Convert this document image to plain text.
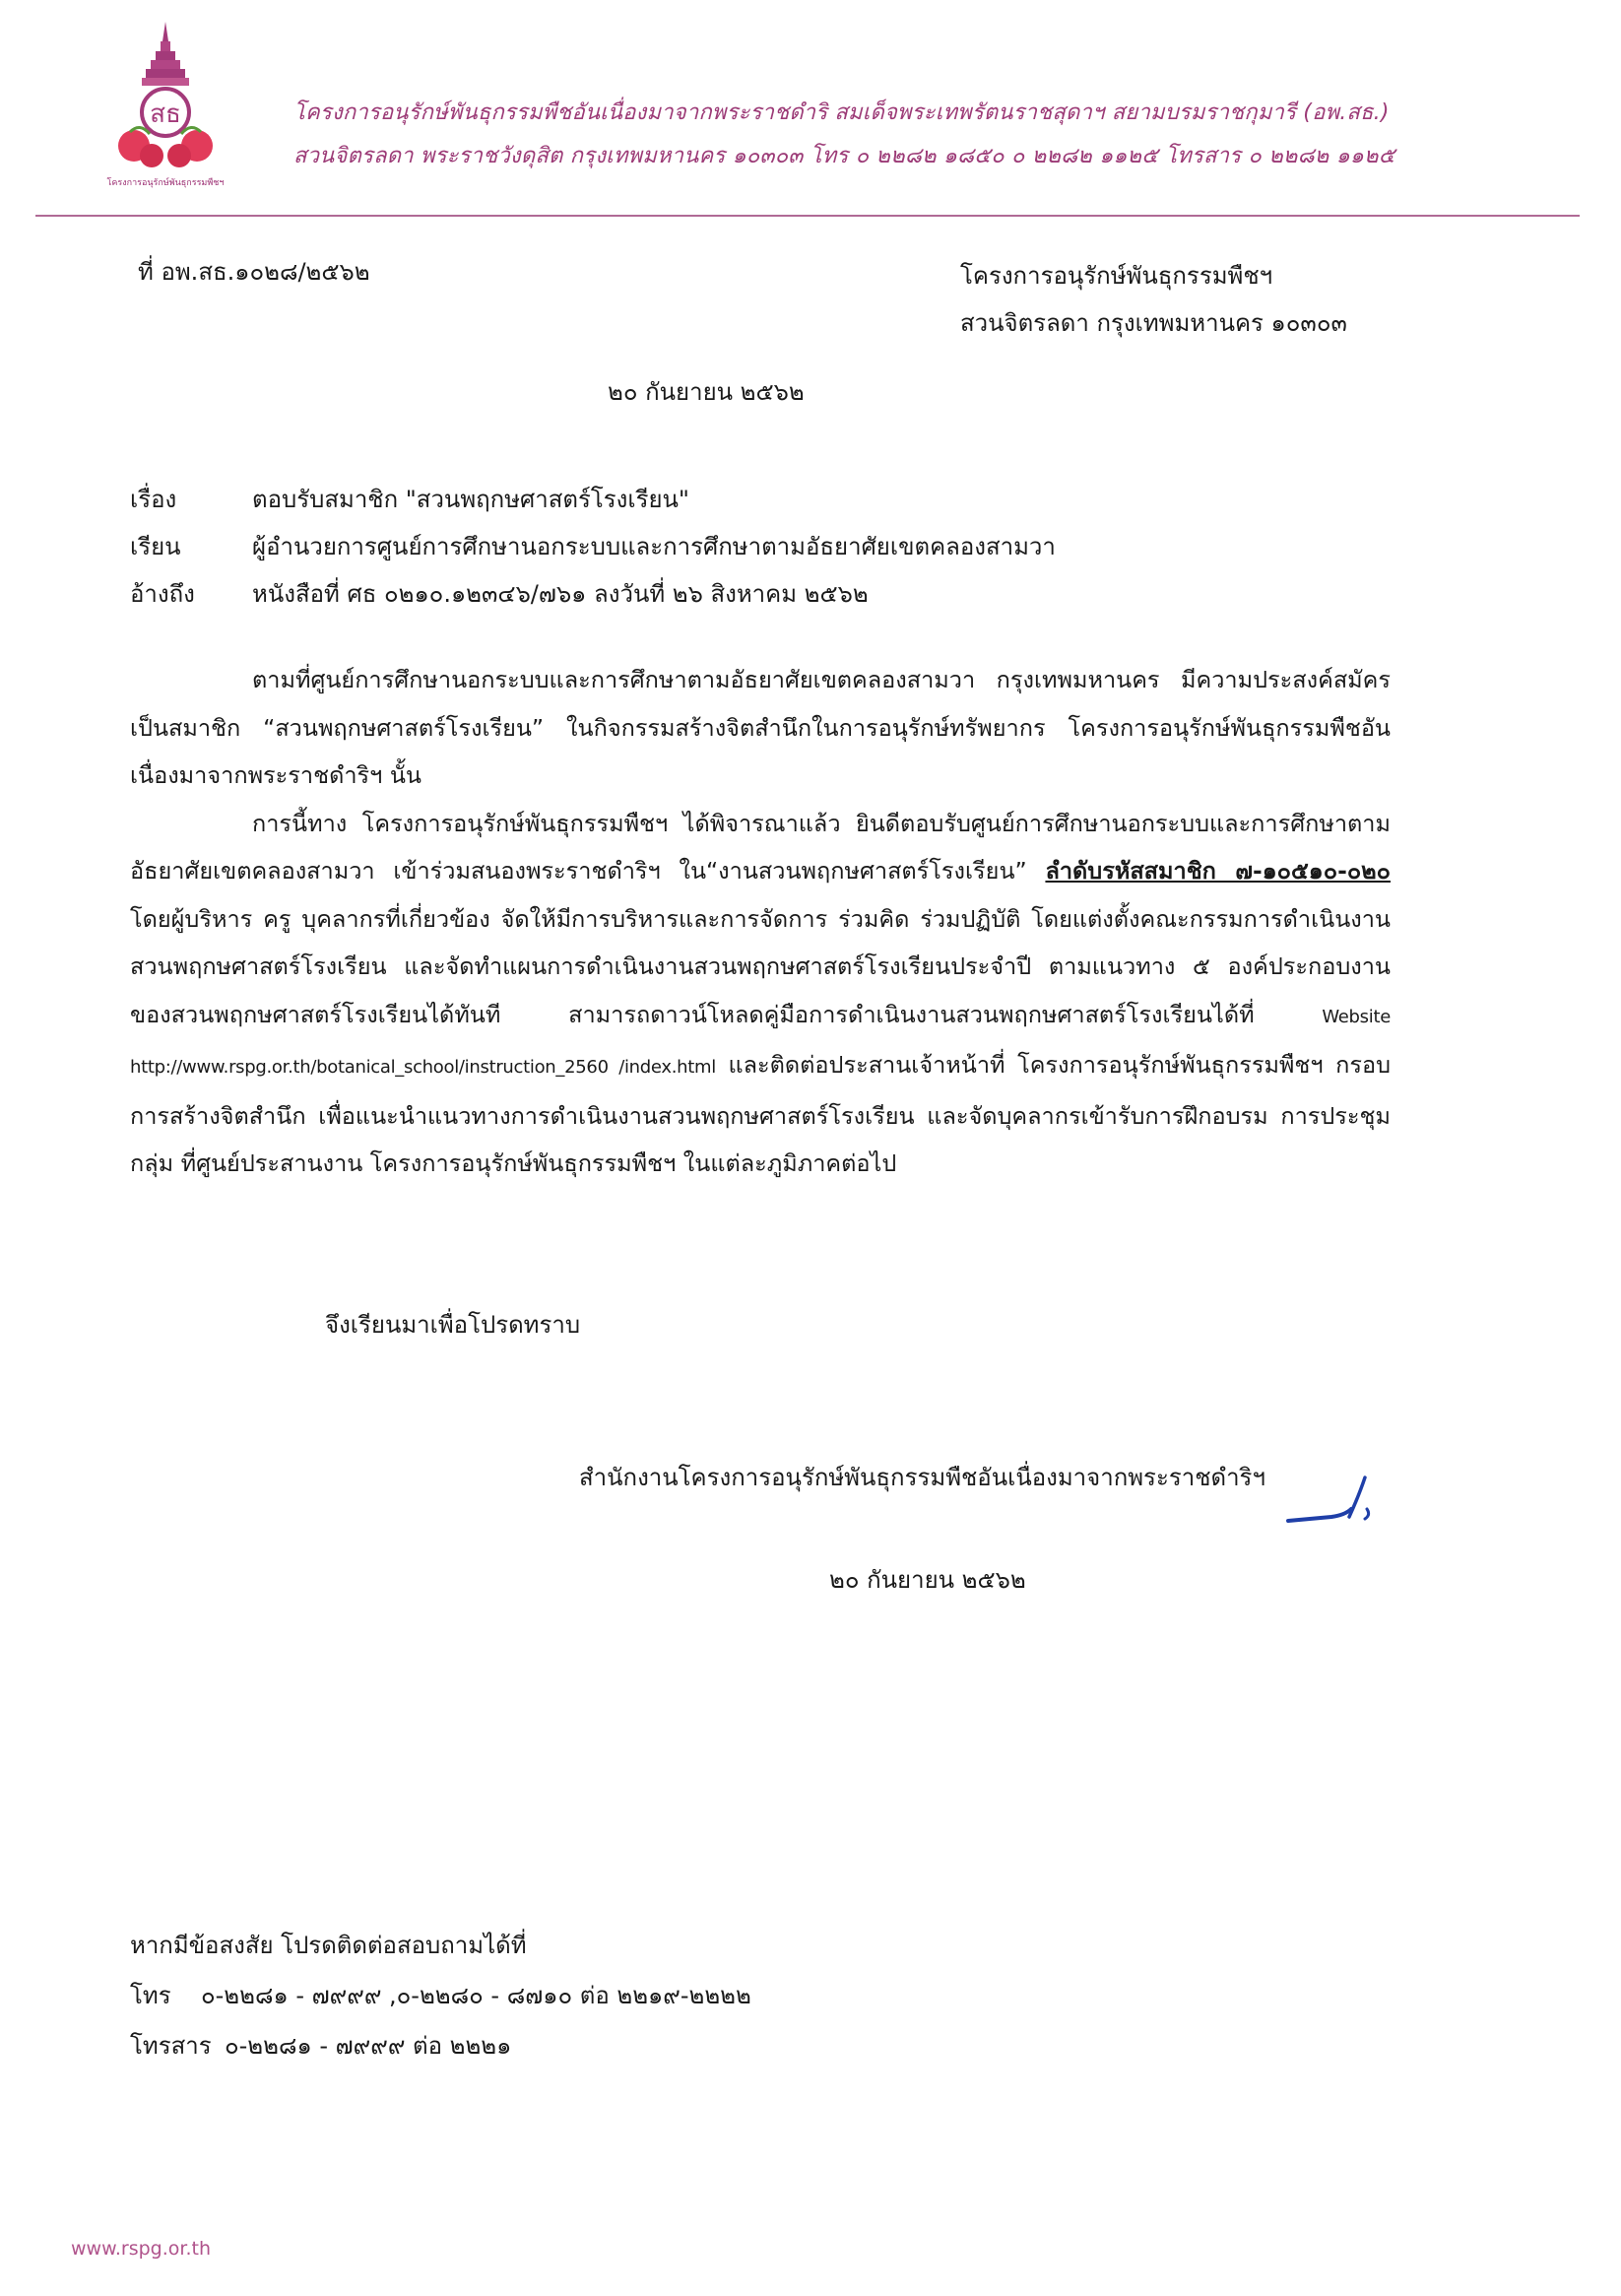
สธ
โครงการอนุรักษ์พันธุกรรมพืชฯ
โครงการอนุรักษ์พันธุกรรมพืชอันเนื่องมาจากพระราชดำริ สมเด็จพระเทพรัตนราชสุดาฯ สยามบรมราชกุมารี (อพ.สธ.)
สวนจิตรลดา พระราชวังดุสิต กรุงเทพมหานคร ๑๐๓๐๓ โทร ๐ ๒๒๘๒ ๑๘๕๐ ๐ ๒๒๘๒ ๑๑๒๕ โทรสาร ๐ ๒๒๘๒ ๑๑๒๕
ที่ อพ.สธ.๑๐๒๘/๒๕๖๒	โครงการอนุรักษ์พันธุกรรมพืชฯ
สวนจิตรลดา กรุงเทพมหานคร ๑๐๓๐๓
๒๐ กันยายน ๒๕๖๒
เรื่อง	ตอบรับสมาชิก "สวนพฤกษศาสตร์โรงเรียน"
เรียน	ผู้อำนวยการศูนย์การศึกษานอกระบบและการศึกษาตามอัธยาศัยเขตคลองสามวา
อ้างถึง	หนังสือที่ ศธ ๐๒๑๐.๑๒๓๔๖/๗๖๑ ลงวันที่ ๒๖ สิงหาคม ๒๕๖๒

ตามที่ศูนย์การศึกษานอกระบบและการศึกษาตามอัธยาศัยเขตคลองสามวา กรุงเทพมหานคร มีความประสงค์สมัครเป็นสมาชิก “สวนพฤกษศาสตร์โรงเรียน” ในกิจกรรมสร้างจิตสำนึกในการอนุรักษ์ทรัพยากร โครงการอนุรักษ์พันธุกรรมพืชอันเนื่องมาจากพระราชดำริฯ นั้น

การนี้ทาง โครงการอนุรักษ์พันธุกรรมพืชฯ ได้พิจารณาแล้ว ยินดีตอบรับศูนย์การศึกษานอกระบบและการศึกษาตามอัธยาศัยเขตคลองสามวา เข้าร่วมสนองพระราชดำริฯ ใน“งานสวนพฤกษศาสตร์โรงเรียน” ลำดับรหัสสมาชิก ๗-๑๐๕๑๐-๐๒๐ โดยผู้บริหาร ครู บุคลากรที่เกี่ยวข้อง จัดให้มีการบริหารและการจัดการ ร่วมคิด ร่วมปฏิบัติ โดยแต่งตั้งคณะกรรมการดำเนินงานสวนพฤกษศาสตร์โรงเรียน และจัดทำแผนการดำเนินงานสวนพฤกษศาสตร์โรงเรียนประจำปี ตามแนวทาง ๕ องค์ประกอบงานของสวนพฤกษศาสตร์โรงเรียนได้ทันที สามารถดาวน์โหลดคู่มือการดำเนินงานสวนพฤกษศาสตร์โรงเรียนได้ที่	Website http://www.rspg.or.th/botanical_school/instruction_2560 /index.html และติดต่อประสานเจ้าหน้าที่ โครงการอนุรักษ์พันธุกรรมพืชฯ กรอบการสร้างจิตสำนึก เพื่อแนะนำแนวทางการดำเนินงานสวนพฤกษศาสตร์โรงเรียน และจัดบุคลากรเข้ารับการฝึกอบรม การประชุมกลุ่ม ที่ศูนย์ประสานงาน โครงการอนุรักษ์พันธุกรรมพืชฯ ในแต่ละภูมิภาคต่อไป

จึงเรียนมาเพื่อโปรดทราบ
สำนักงานโครงการอนุรักษ์พันธุกรรมพืชอันเนื่องมาจากพระราชดำริฯ
๒๐ กันยายน ๒๕๖๒
หากมีข้อสงสัย โปรดติดต่อสอบถามได้ที่
โทร	๐-๒๒๘๑ - ๗๙๙๙ ,๐-๒๒๘๐ - ๘๗๑๐ ต่อ ๒๒๑๙-๒๒๒๒
โทรสาร ๐-๒๒๘๑ - ๗๙๙๙ ต่อ ๒๒๒๑
www.rspg.or.th
